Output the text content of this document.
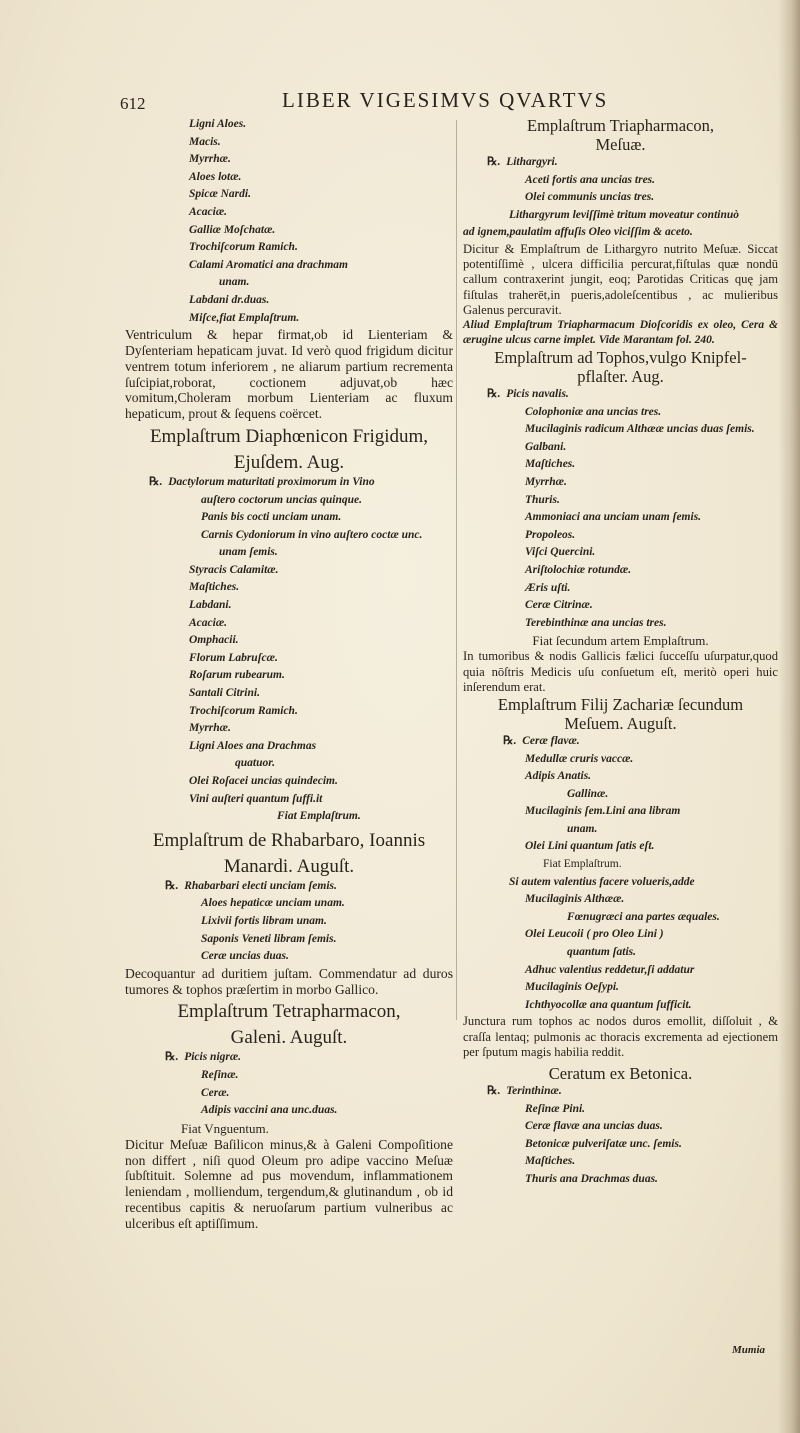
612	LIBER VIGESIMVS QVARTVS
Ligni Aloes.
Macis.
Myrrhæ.
Aloes lotæ.
Spicæ Nardi.
Acaciæ.
Galliæ Moſchatæ.
Trochiſcorum Ramich.
Calami Aromatici ana drachmam
unam.
Labdani dr.duas.
Miſce,fiat Emplaſtrum.

Ventriculum & hepar firmat,ob id Lienteriam & Dyſenteriam hepaticam juvat. Id verò quod frigidum dicitur ventrem totum inferiorem , ne aliarum partium recrementa ſuſcipiat,roborat, coctionem adjuvat,ob hæc vomitum,Choleram morbum Lienteriam ac fluxum hepaticum, prout & ſequens coërcet.

Emplaſtrum Diaphœnicon Frigidum,
Ejuſdem. Aug.
℞. Dactylorum maturitati proximorum in Vino
auſtero coctorum uncias quinque.
Panis bis cocti unciam unam.
Carnis Cydoniorum in vino auſtero coctæ unc.
unam ſemis.
Styracis Calamitæ.
Maſtiches.
Labdani.
Acaciæ.
Omphacii.
Florum Labruſcæ.
Roſarum rubearum.
Santali Citrini.
Trochiſcorum Ramich.
Myrrhæ.
Ligni Aloes ana Drachmas
quatuor.
Olei Roſacei uncias quindecim.
Vini auſteri quantum ſuffi.it
Fiat Emplaſtrum.
Emplaſtrum de Rhabarbaro, Ioannis
Manardi. Auguſt.
℞. Rhabarbari electi unciam ſemis.
Aloes hepaticæ unciam unam.
Lixivii fortis libram unam.
Saponis Veneti libram ſemis.
Ceræ uncias duas.

Decoquantur ad duritiem juſtam. Commendatur ad duros tumores & tophos præſertim in morbo Gallico.

Emplaſtrum Tetrapharmacon,
Galeni. Auguſt.
℞. Picis nigræ.
Reſinæ.
Ceræ.
Adipis vaccini ana unc.duas.
Fiat Vnguentum.

Dicitur Meſuæ Baſilicon minus,& à Galeni Compoſitione non differt , niſi quod Oleum pro adipe vaccino Meſuæ ſubſtituit. Solemne ad pus movendum, inflammationem leniendam , molliendum, tergendum,& glutinandum , ob id recentibus capitis & neruoſarum partium vulneribus ac ulceribus eſt aptiſſimum.

Emplaſtrum Triapharmacon,
Meſuæ.
℞. Lithargyri.
Aceti fortis ana uncias tres.
Olei communis uncias tres.
Lithargyrum leviſſimè tritum moveatur continuò
ad ignem,paulatim affuſis Oleo viciſſim & aceto.

Dicitur & Emplaſtrum de Lithargyro nutrito Meſuæ. Siccat potentiſſimè , ulcera difficilia percurat,fiſtulas quæ nondū callum contraxerint jungit, eoq; Parotidas Criticas quę jam fiſtulas traherēt,in pueris,adoleſcentibus , ac mulieribus Galenus percuravit.

Aliud Emplaſtrum Triapharmacum Dioſcoridis ex oleo, Cera & ærugine ulcus carne implet. Vide Marantam fol. 240.

Emplaſtrum ad Tophos,vulgo Knipfel-
pflaſter. Aug.
℞. Picis navalis.
Colophoniæ ana uncias tres.
Mucilaginis radicum Althææ uncias duas ſemis.
Galbani.
Maſtiches.
Myrrhæ.
Thuris.
Ammoniaci ana unciam unam ſemis.
Propoleos.
Viſci Quercini.
Ariſtolochiæ rotundæ.
Æris uſti.
Ceræ Citrinæ.
Terebinthinæ ana uncias tres.
Fiat ſecundum artem Emplaſtrum.

In tumoribus & nodis Gallicis fælici ſucceſſu uſurpatur,quod quia nōſtris Medicis uſu conſuetum eſt, meritò operi huic inſerendum erat.

Emplaſtrum Filij Zachariæ ſecundum
Meſuem. Auguſt.
℞. Ceræ flavæ.
Medullæ cruris vaccæ.
Adipis Anatis.
Gallinæ.
Mucilaginis ſem.Lini ana libram
unam.
Olei Lini quantum ſatis eſt.
Fiat Emplaſtrum.
Si autem valentius facere volueris,adde
Mucilaginis Althææ.
Fœnugræci ana partes æquales.
Olei Leucoii ( pro Oleo Lini )
quantum ſatis.
Adhuc valentius reddetur,ſi addatur
Mucilaginis Oeſypi.
Ichthyocollæ ana quantum ſufficit.

Junctura rum tophos ac nodos duros emollit, diſſoluit , & craſſa lentaq; pulmonis ac thoracis excrementa ad ejectionem per ſputum magis habilia reddit.

Ceratum ex Betonica.
℞. Terinthinæ.
Reſinæ Pini.
Ceræ flavæ ana uncias duas.
Betonicæ pulveriſatæ unc. ſemis.
Maſtiches.
Thuris ana Drachmas duas.
Mumia
